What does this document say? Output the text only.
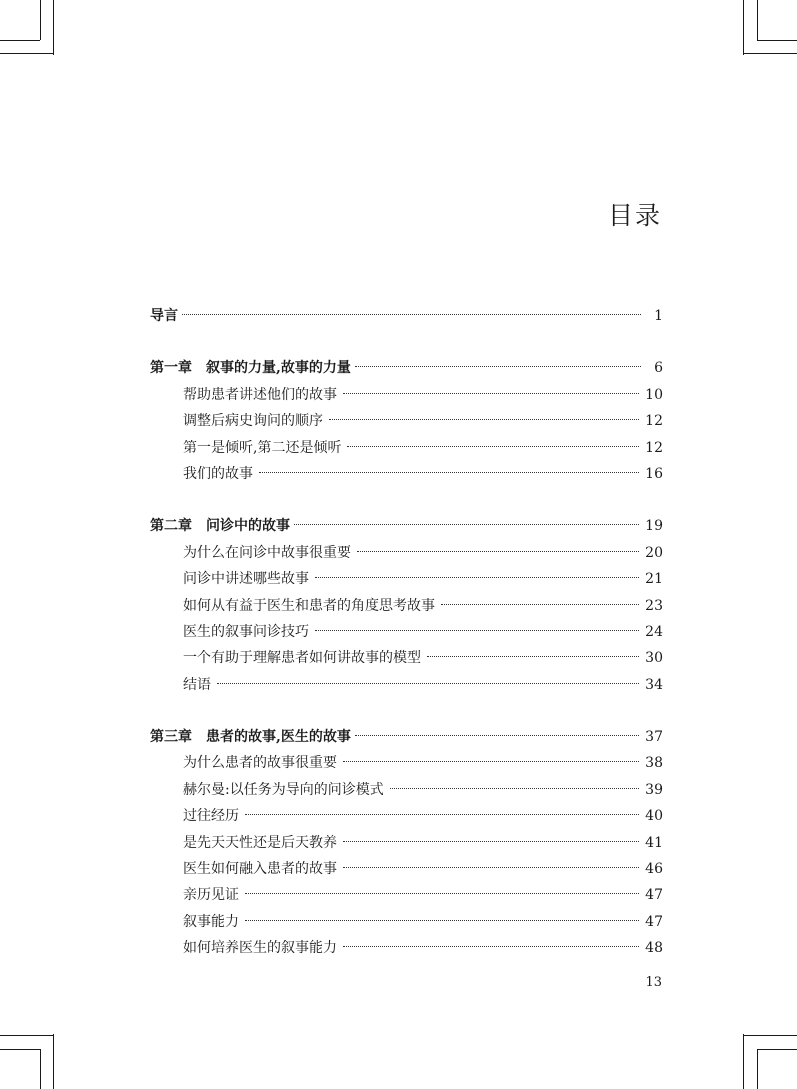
目录
导言	1
第一章 叙事的力量,故事的力量	6
帮助患者讲述他们的故事	10
调整后病史询问的顺序	12
第一是倾听,第二还是倾听	12
我们的故事	16
第二章 问诊中的故事	19
为什么在问诊中故事很重要	20
问诊中讲述哪些故事	21
如何从有益于医生和患者的角度思考故事	23
医生的叙事问诊技巧	24
一个有助于理解患者如何讲故事的模型	30
结语	34
第三章 患者的故事,医生的故事	37
为什么患者的故事很重要	38
赫尔曼:以任务为导向的问诊模式	39
过往经历	40
是先天天性还是后天教养	41
医生如何融入患者的故事	46
亲历见证	47
叙事能力	47
如何培养医生的叙事能力	48
13
